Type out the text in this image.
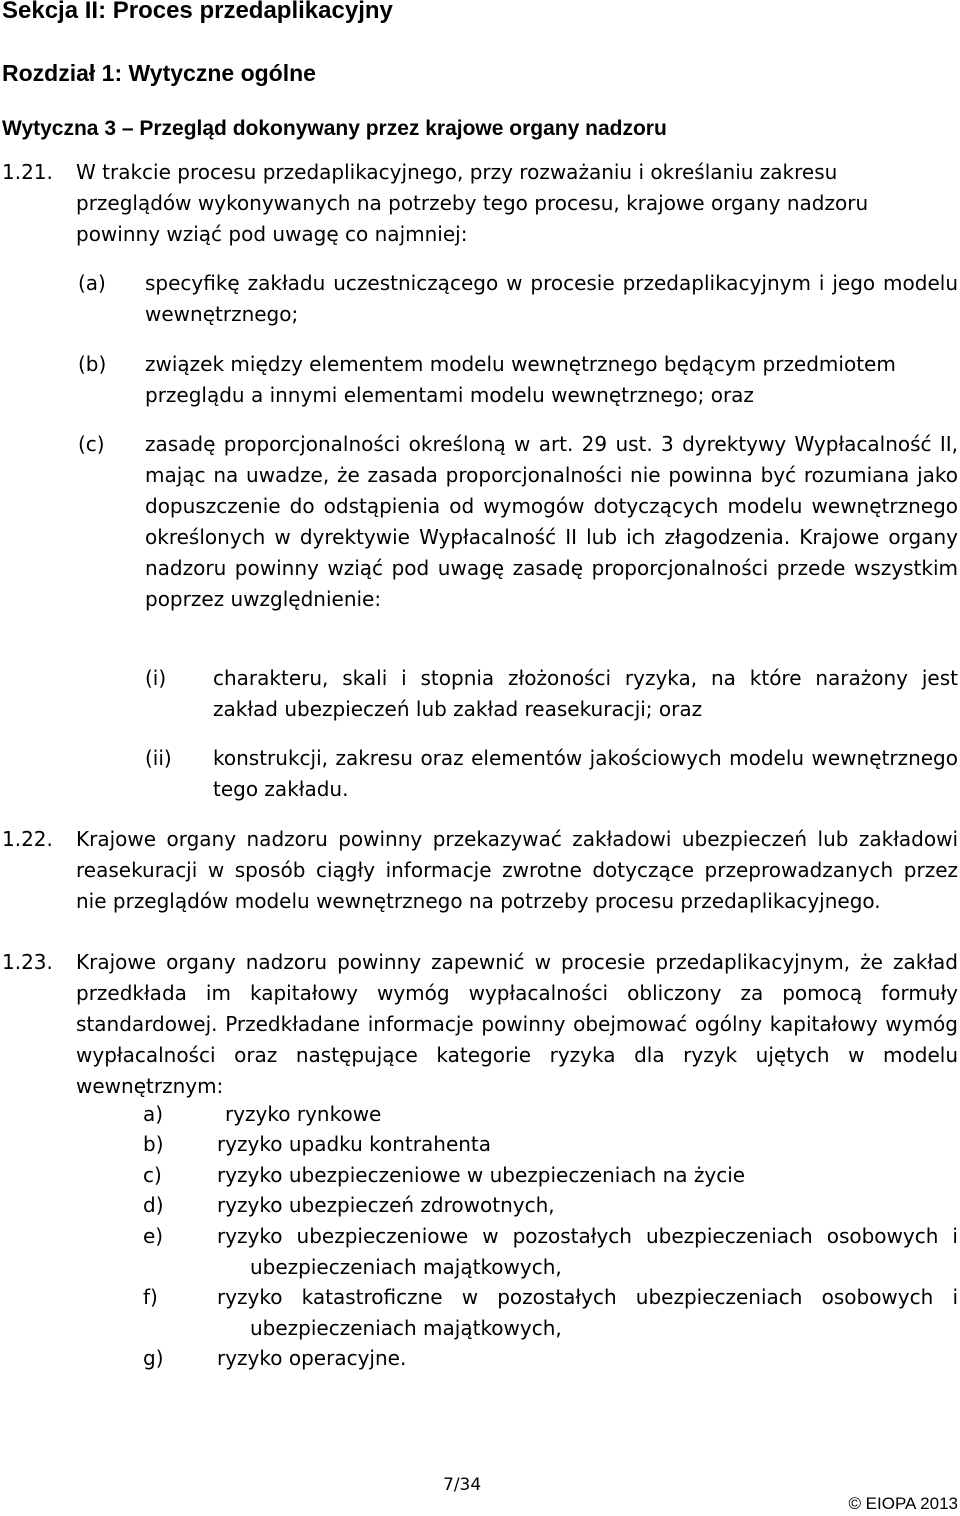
Sekcja II: Proces przedaplikacyjny
Rozdział 1: Wytyczne ogólne
Wytyczna 3 – Przegląd dokonywany przez krajowe organy nadzoru
1.21. W trakcie procesu przedaplikacyjnego, przy rozważaniu i określaniu zakresu przeglądów wykonywanych na potrzeby tego procesu, krajowe organy nadzoru powinny wziąć pod uwagę co najmniej:

(a) specyfikę zakładu uczestniczącego w procesie przedaplikacyjnym i jego modelu wewnętrznego;

(b) związek między elementem modelu wewnętrznego będącym przedmiotem przeglądu a innymi elementami modelu wewnętrznego; oraz

(c) zasadę proporcjonalności określoną w art. 29 ust. 3 dyrektywy Wypłacalność II, mając na uwadze, że zasada proporcjonalności nie powinna być rozumiana jako dopuszczenie do odstąpienia od wymogów dotyczących modelu wewnętrznego określonych w dyrektywie Wypłacalność II lub ich złagodzenia. Krajowe organy nadzoru powinny wziąć pod uwagę zasadę proporcjonalności przede wszystkim poprzez uwzględnienie:

(i) charakteru, skali i stopnia złożoności ryzyka, na które narażony jest zakład ubezpieczeń lub zakład reasekuracji; oraz

(ii) konstrukcji, zakresu oraz elementów jakościowych modelu wewnętrznego tego zakładu.

1.22. Krajowe organy nadzoru powinny przekazywać zakładowi ubezpieczeń lub zakładowi reasekuracji w sposób ciągły informacje zwrotne dotyczące przeprowadzanych przez nie przeglądów modelu wewnętrznego na potrzeby procesu przedaplikacyjnego.

1.23. Krajowe organy nadzoru powinny zapewnić w procesie przedaplikacyjnym, że zakład przedkłada im kapitałowy wymóg wypłacalności obliczony za pomocą formuły standardowej. Przedkładane informacje powinny obejmować ogólny kapitałowy wymóg wypłacalności oraz następujące kategorie ryzyka dla ryzyk ujętych w modelu wewnętrznym:

a)	ryzyko rynkowe

b)	ryzyko upadku kontrahenta

c)	ryzyko ubezpieczeniowe w ubezpieczeniach na życie

d)	ryzyko ubezpieczeń zdrowotnych,

e)	ryzyko ubezpieczeniowe w pozostałych ubezpieczeniach osobowych i ubezpieczeniach majątkowych,

f)	ryzyko katastroficzne w pozostałych ubezpieczeniach osobowych i ubezpieczeniach majątkowych,

g)	ryzyko operacyjne.

7/34
© EIOPA 2013
